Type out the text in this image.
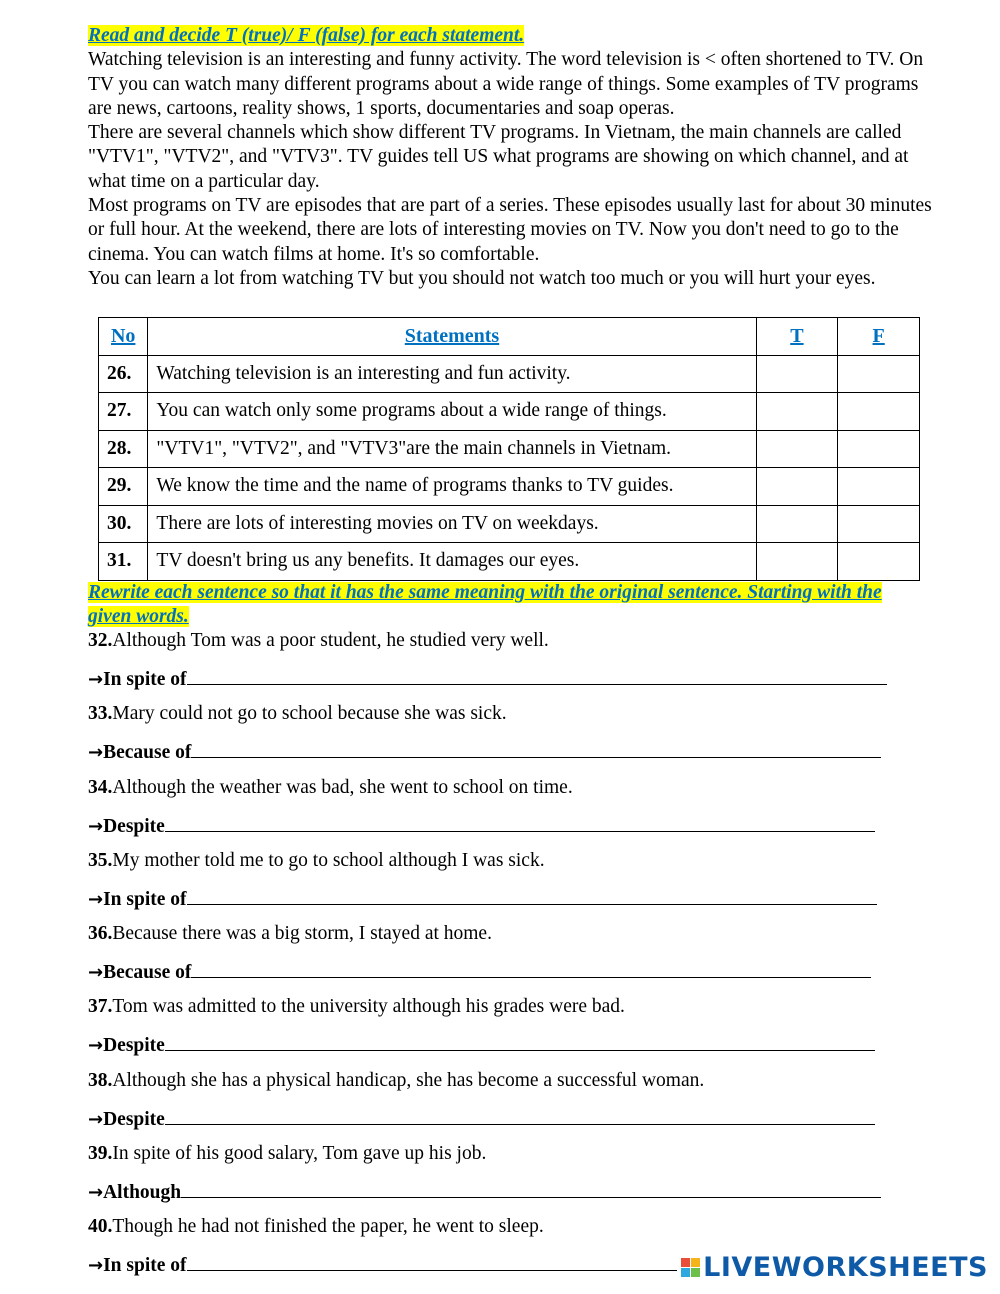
Read and decide T (true)/ F (false) for each statement.

Watching television is an interesting and funny activity. The word television is < often shortened to TV. On TV you can watch many different programs about a wide range of things. Some examples of TV programs are news, cartoons, reality shows, 1 sports, documentaries and soap operas.

There are several channels which show different TV programs. In Vietnam, the main channels are called "VTV1", "VTV2", and "VTV3". TV guides tell US what programs are showing on which channel, and at what time on a particular day.

Most programs on TV are episodes that are part of a series. These episodes usually last for about 30 minutes or full hour. At the weekend, there are lots of interesting movies on TV. Now you don't need to go to the cinema. You can watch films at home. It's so comfortable.

You can learn a lot from watching TV but you should not watch too much or you will hurt your eyes.

No	Statements	T	F
26.	Watching television is an interesting and fun activity.		
27.	You can watch only some programs about a wide range of things.		
28.	"VTV1", "VTV2", and "VTV3"are the main channels in Vietnam.		
29.	We know the time and the name of programs thanks to TV guides.		
30.	There are lots of interesting movies on TV on weekdays.		
31.	TV doesn't bring us any benefits. It damages our eyes.		
Rewrite each sentence so that it has the same meaning with the original sentence. Starting with the given words.

32.Although Tom was a poor student, he studied very well.

→In spite of

33.Mary could not go to school because she was sick.

→Because of

34.Although the weather was bad, she went to school on time.

→Despite

35.My mother told me to go to school although I was sick.

→In spite of

36.Because there was a big storm, I stayed at home.

→Because of

37.Tom was admitted to the university although his grades were bad.

→Despite

38.Although she has a physical handicap, she has become a successful woman.

→Despite

39.In spite of his good salary, Tom gave up his job.

→Although

40.Though he had not finished the paper, he went to sleep.

→In spite of	LIVEWORKSHEETS
